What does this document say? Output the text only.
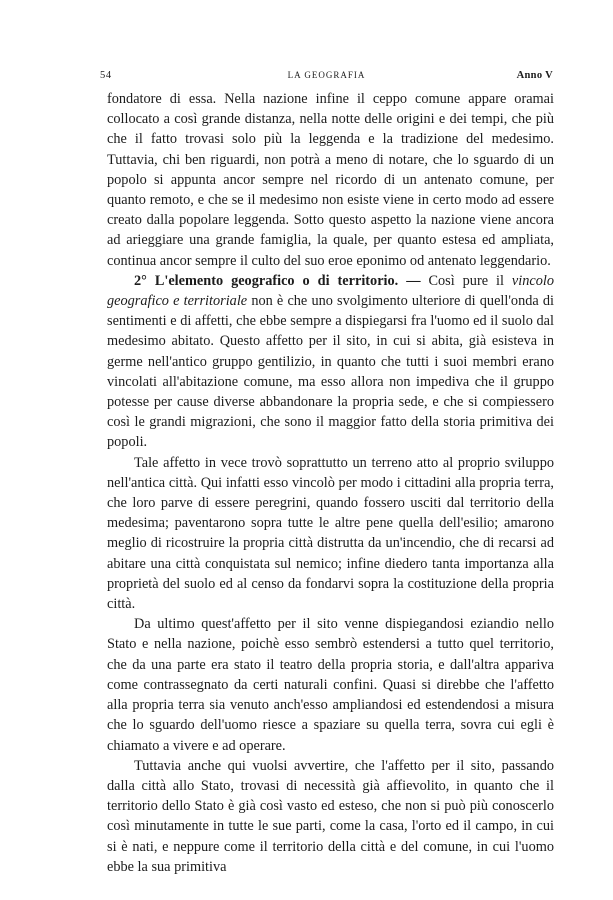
54	LA GEOGRAFIA	Anno V

fondatore di essa. Nella nazione infine il ceppo comune appare oramai collocato a così grande distanza, nella notte delle origini e dei tempi, che più che il fatto trovasi solo più la leggenda e la tradizione del medesimo. Tuttavia, chi ben riguardi, non potrà a meno di notare, che lo sguardo di un popolo si appunta ancor sempre nel ricordo di un antenato comune, per quanto remoto, e che se il medesimo non esiste viene in certo modo ad essere creato dalla popolare leggenda. Sotto questo aspetto la nazione viene ancora ad arieggiare una grande famiglia, la quale, per quanto estesa ed ampliata, continua ancor sempre il culto del suo eroe eponimo od antenato leggendario.

2° L'elemento geografico o di territorio. — Così pure il vincolo geografico e territoriale non è che uno svolgimento ulteriore di quell'onda di sentimenti e di affetti, che ebbe sempre a dispiegarsi fra l'uomo ed il suolo dal medesimo abitato. Questo affetto per il sito, in cui si abita, già esisteva in germe nell'antico gruppo gentilizio, in quanto che tutti i suoi membri erano vincolati all'abitazione comune, ma esso allora non impediva che il gruppo potesse per cause diverse abbandonare la propria sede, e che si compiessero così le grandi migrazioni, che sono il maggior fatto della storia primitiva dei popoli.

Tale affetto in vece trovò soprattutto un terreno atto al proprio sviluppo nell'antica città. Qui infatti esso vincolò per modo i cittadini alla propria terra, che loro parve di essere peregrini, quando fossero usciti dal territorio della medesima; paventarono sopra tutte le altre pene quella dell'esilio; amarono meglio di ricostruire la propria città distrutta da un'incendio, che di recarsi ad abitare una città conquistata sul nemico; infine diedero tanta importanza alla proprietà del suolo ed al censo da fondarvi sopra la costituzione della propria città.

Da ultimo quest'affetto per il sito venne dispiegandosi eziandio nello Stato e nella nazione, poichè esso sembrò estendersi a tutto quel territorio, che da una parte era stato il teatro della propria storia, e dall'altra appariva come contrassegnato da certi naturali confini. Quasi si direbbe che l'affetto alla propria terra sia venuto anch'esso ampliandosi ed estendendosi a misura che lo sguardo dell'uomo riesce a spaziare su quella terra, sovra cui egli è chiamato a vivere e ad operare.

Tuttavia anche qui vuolsi avvertire, che l'affetto per il sito, passando dalla città allo Stato, trovasi di necessità già affievolito, in quanto che il territorio dello Stato è già così vasto ed esteso, che non si può più conoscerlo così minutamente in tutte le sue parti, come la casa, l'orto ed il campo, in cui si è nati, e neppure come il territorio della città e del comune, in cui l'uomo ebbe la sua primitiva
